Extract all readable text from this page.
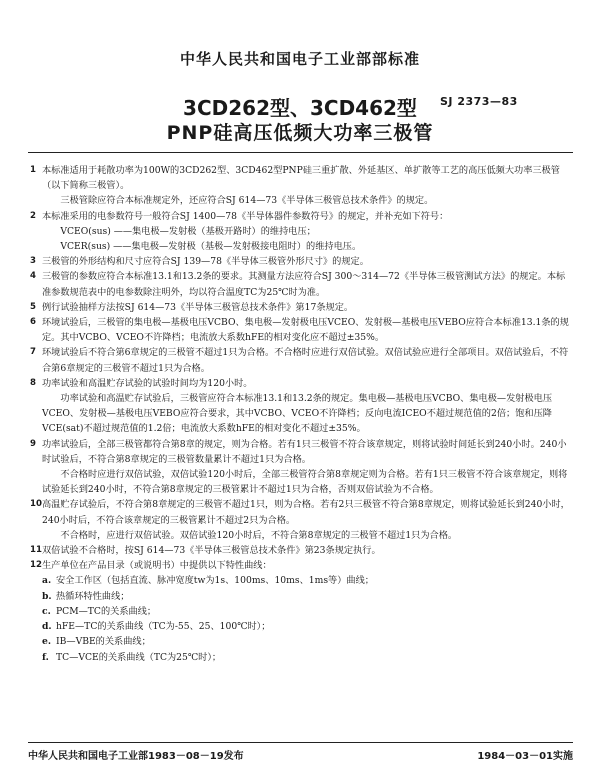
中华人民共和国电子工业部部标准
3CD262型、3CD462型	SJ 2373—83
PNP硅高压低频大功率三极管

1 本标准适用于耗散功率为100W的3CD262型、3CD462型PNP硅三重扩散、外延基区、单扩散等工艺的高压低频大功率三极管（以下简称三极管）。

三极管除应符合本标准规定外，还应符合SJ 614—73《半导体三极管总技术条件》的规定。

2 本标准采用的电参数符号一般符合SJ 1400—78《半导体器件参数符号》的规定，并补充如下符号：

VCEO(sus) ——集电极—发射极（基极开路时）的维持电压；

VCER(sus) ——集电极—发射极（基极—发射极接电阻时）的维持电压。

3 三极管的外形结构和尺寸应符合SJ 139—78《半导体三极管外形尺寸》的规定。

4 三极管的参数应符合本标准13.1和13.2条的要求。其测量方法应符合SJ 300～314—72《半导体三极管测试方法》的规定。本标准参数规范表中的电参数除注明外，均以符合温度TC为25℃时为准。

5 例行试验抽样方法按SJ 614—73《半导体三极管总技术条件》第17条规定。

6 环境试验后，三极管的集电极—基极电压VCBO、集电极—发射极电压VCEO、发射极—基极电压VEBO应符合本标准13.1条的规定。其中VCBO、VCEO不许降档；电流放大系数hFE的相对变化应不超过±35%。

7 环境试验后不符合第6章规定的三极管不超过1只为合格。不合格时应进行双倍试验。双倍试验应进行全部项目。双倍试验后，不符合第6章规定的三极管不超过1只为合格。

8 功率试验和高温贮存试验的试验时间均为120小时。

功率试验和高温贮存试验后，三极管应符合本标准13.1和13.2条的规定。集电极—基极电压VCBO、集电极—发射极电压VCEO、发射极—基极电压VEBO应符合要求，其中VCBO、VCEO不许降档；反向电流ICEO不超过规范值的2倍；饱和压降VCE(sat)不超过规范值的1.2倍；电流放大系数hFE的相对变化不超过±35%。

9 功率试验后，全部三极管都符合第8章的规定，则为合格。若有1只三极管不符合该章规定，则将试验时间延长到240小时。240小时试验后，不符合第8章规定的三极管数量累计不超过1只为合格。

不合格时应进行双倍试验，双倍试验120小时后，全部三极管符合第8章规定则为合格。若有1只三极管不符合该章规定，则将试验延长到240小时，不符合第8章规定的三极管累计不超过1只为合格，否则双倍试验为不合格。

10 高温贮存试验后，不符合第8章规定的三极管不超过1只，则为合格。若有2只三极管不符合第8章规定，则将试验延长到240小时，240小时后，不符合该章规定的三极管累计不超过2只为合格。

不合格时，应进行双倍试验。双倍试验120小时后，不符合第8章规定的三极管不超过1只为合格。

11 双倍试验不合格时，按SJ 614—73《半导体三极管总技术条件》第23条规定执行。

12 生产单位在产品目录（或说明书）中提供以下特性曲线：

a. 安全工作区（包括直流、脉冲宽度tw为1s、100ms、10ms、1ms等）曲线；

b. 热循环特性曲线；

c. PCM—TC的关系曲线；

d. hFE—TC的关系曲线（TC为-55、25、100℃时）；

e. IB—VBE的关系曲线；

f. TC—VCE的关系曲线（TC为25℃时）；

中华人民共和国电子工业部1983－08－19发布	1984－03－01实施
